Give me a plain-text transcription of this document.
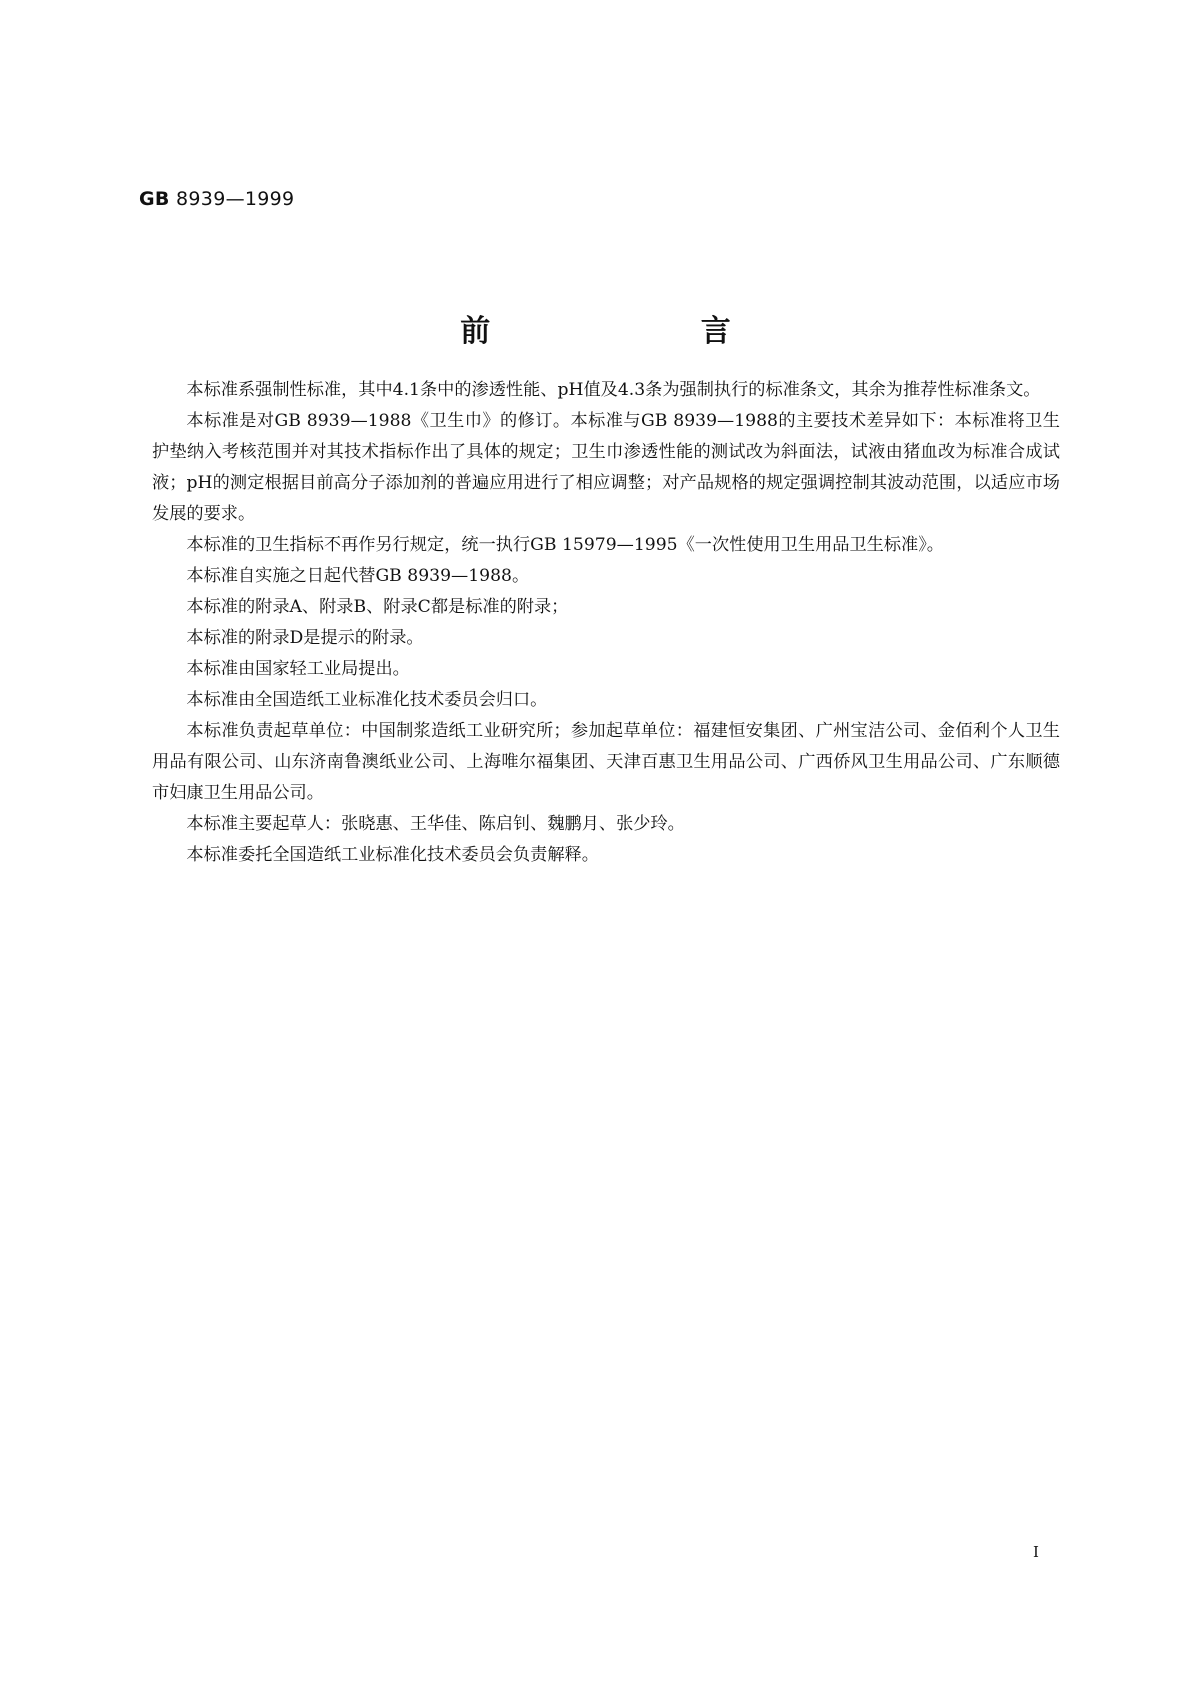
GB 8939—1999
前 言

本标准系强制性标准，其中4.1条中的渗透性能、pH值及4.3条为强制执行的标准条文，其余为推荐性标准条文。

本标准是对GB 8939—1988《卫生巾》的修订。本标准与GB 8939—1988的主要技术差异如下：本标准将卫生护垫纳入考核范围并对其技术指标作出了具体的规定；卫生巾渗透性能的测试改为斜面法，试液由猪血改为标准合成试液；pH的测定根据目前高分子添加剂的普遍应用进行了相应调整；对产品规格的规定强调控制其波动范围，以适应市场发展的要求。

本标准的卫生指标不再作另行规定，统一执行GB 15979—1995《一次性使用卫生用品卫生标准》。

本标准自实施之日起代替GB 8939—1988。

本标准的附录A、附录B、附录C都是标准的附录；

本标准的附录D是提示的附录。

本标准由国家轻工业局提出。

本标准由全国造纸工业标准化技术委员会归口。

本标准负责起草单位：中国制浆造纸工业研究所；参加起草单位：福建恒安集团、广州宝洁公司、金佰利个人卫生用品有限公司、山东济南鲁澳纸业公司、上海唯尔福集团、天津百惠卫生用品公司、广西侨风卫生用品公司、广东顺德市妇康卫生用品公司。

本标准主要起草人：张晓惠、王华佳、陈启钊、魏鹏月、张少玲。

本标准委托全国造纸工业标准化技术委员会负责解释。

I
